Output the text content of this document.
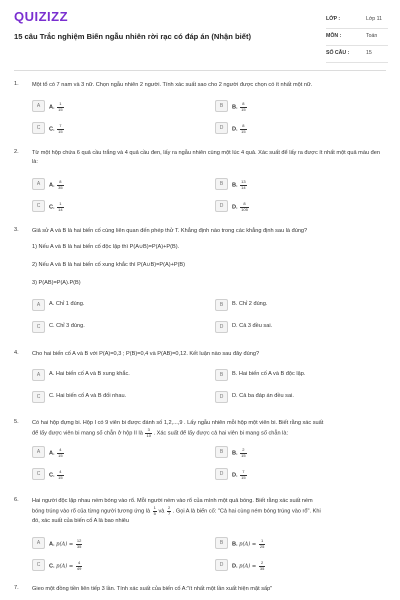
QUIZIZZ
15 câu Trắc nghiệm Biến ngẫu nhiên rời rạc có đáp án (Nhận biết)
LỚP :	Lớp 11
MÔN :	Toán
SỐ CÂU :	15
1. Một tổ có 7 nam và 3 nữ. Chọn ngẫu nhiên 2 người. Tính xác suất sao cho 2 người được chọn có ít nhất một nữ.
A	A. $\frac{1}{15}$	B	B. $\frac{8}{15}$
C	C. $\frac{7}{15}$	D	D. $\frac{8}{15}$
2. Từ một hộp chứa 6 quả cầu trắng và 4 quả cầu đen, lấy ra ngẫu nhiên cùng một lúc 4 quả. Xác suất để lấy ra được ít nhất một quả màu đen là:
A	A. $\frac{8}{35}$	B	B. $\frac{13}{14}$
C	C. $\frac{1}{14}$	D	D. $\frac{8}{105}$
3. Giả sử A và B là hai biến cố cùng liên quan đến phép thử T. Khẳng định nào trong các khẳng định sau là đúng?
1) Nếu A và B là hai biến cố độc lập thì P(A∪B)=P(A)+P(B).
2) Nếu A và B là hai biến cố xung khắc thì P(A∪B)=P(A)+P(B)
3) P(AB)=P(A).P(B)
A	A. Chỉ 1 đúng.	B	B. Chỉ 2 đúng.
C	C. Chỉ 3 đúng.	D	D. Cả 3 đều sai.
4. Cho hai biến cố A và B với P(A)=0,3 ; P(B)=0,4 và P(AB)=0,12. Kết luận nào sau đây đúng?
A	A. Hai biến cố A và B xung khắc.	B	B. Hai biến cố A và B độc lập.
C	C. Hai biến cố A và B đối nhau.	D	D. Cả ba đáp án đều sai.
5. Có hai hộp đựng bi. Hộp I có 9 viên bi được đánh số 1,2,...,9 . Lấy ngẫu nhiên mỗi hộp một viên bi. Biết rằng xác suất
để lấy được viên bi mang số chẵn ở hộp II là $\frac{3}{10}$ . Xác suất để lấy được cả hai viên bi mang số chẵn là:
A	A. $\frac{4}{15}$	B	B. $\frac{2}{15}$
C	C. $\frac{4}{15}$	D	D. $\frac{7}{15}$
6. Hai người độc lập nhau ném bóng vào rổ. Mỗi người ném vào rổ của mình một quả bóng. Biết rằng xác suất ném
bóng trúng vào rổ của từng người tương ứng là $\frac{1}{5}$ và $\frac{2}{7}$ . Gọi A là biến cố: "Cả hai cùng ném bóng trúng vào rổ". Khi
đó, xác suất của biến cố A là bao nhiêu
A	A. $p(A) = \frac{12}{35}$	B	B. $p(A) = \frac{1}{25}$
C	C. $p(A) = \frac{4}{49}$	D	D. $p(A) = \frac{2}{35}$
7. Gieo một đồng tiền liên tiếp 3 lần. Tính xác suất của biến cố A:"ít nhất một lần xuất hiện mặt sấp"
